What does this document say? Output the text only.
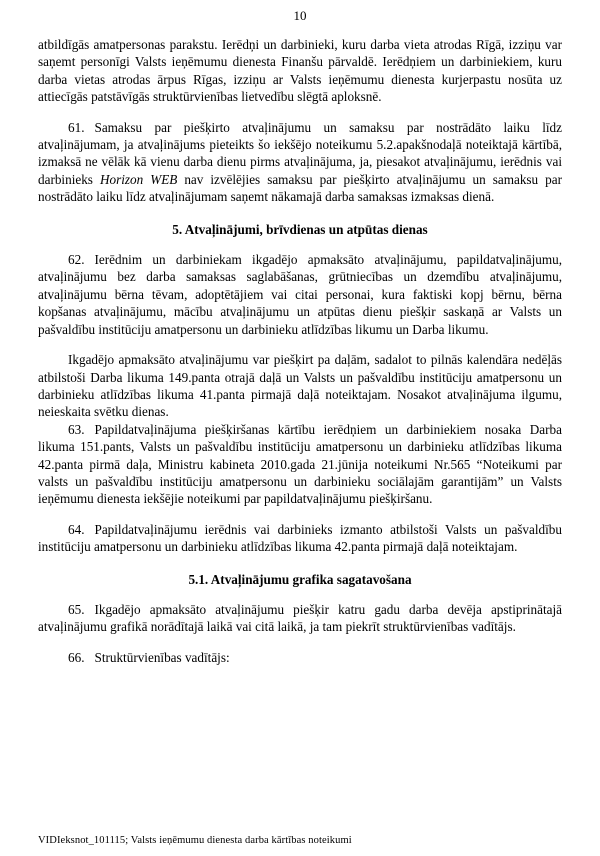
10

atbildīgās amatpersonas parakstu. Ierēdņi un darbinieki, kuru darba vieta atrodas Rīgā, izziņu var saņemt personīgi Valsts ieņēmumu dienesta Finanšu pārvaldē. Ierēdņiem un darbiniekiem, kuru darba vietas atrodas ārpus Rīgas, izziņu ar Valsts ieņēmumu dienesta kurjerpastu nosūta uz attiecīgās patstāvīgās struktūrvienības lietvedību slēgtā aploksnē.

61. Samaksu par piešķirto atvaļinājumu un samaksu par nostrādāto laiku līdz atvaļinājumam, ja atvaļinājums pieteikts šo iekšējo noteikumu 5.2.apakšnodaļā noteiktajā kārtībā, izmaksā ne vēlāk kā vienu darba dienu pirms atvaļinājuma, ja, piesakot atvaļinājumu, ierēdnis vai darbinieks Horizon WEB nav izvēlējies samaksu par piešķirto atvaļinājumu un samaksu par nostrādāto laiku līdz atvaļinājumam saņemt nākamajā darba samaksas izmaksas dienā.

5. Atvaļinājumi, brīvdienas un atpūtas dienas

62. Ierēdnim un darbiniekam ikgadējo apmaksāto atvaļinājumu, papildatvaļinājumu, atvaļinājumu bez darba samaksas saglabāšanas, grūtniecības un dzemdību atvaļinājumu, atvaļinājumu bērna tēvam, adoptētājiem vai citai personai, kura faktiski kopj bērnu, bērna kopšanas atvaļinājumu, mācību atvaļinājumu un atpūtas dienu piešķir saskaņā ar Valsts un pašvaldību institūciju amatpersonu un darbinieku atlīdzības likumu un Darba likumu.

Ikgadējo apmaksāto atvaļinājumu var piešķirt pa daļām, sadalot to pilnās kalendāra nedēļās atbilstoši Darba likuma 149.panta otrajā daļā un Valsts un pašvaldību institūciju amatpersonu un darbinieku atlīdzības likuma 41.panta pirmajā daļā noteiktajam. Nosakot atvaļinājuma ilgumu, neieskaita svētku dienas.

63. Papildatvaļinājuma piešķiršanas kārtību ierēdņiem un darbiniekiem nosaka Darba likuma 151.pants, Valsts un pašvaldību institūciju amatpersonu un darbinieku atlīdzības likuma 42.panta pirmā daļa, Ministru kabineta 2010.gada 21.jūnija noteikumi Nr.565 “Noteikumi par valsts un pašvaldību institūciju amatpersonu un darbinieku sociālajām garantijām” un Valsts ieņēmumu dienesta iekšējie noteikumi par papildatvaļinājumu piešķiršanu.

64. Papildatvaļinājumu ierēdnis vai darbinieks izmanto atbilstoši Valsts un pašvaldību institūciju amatpersonu un darbinieku atlīdzības likuma 42.panta pirmajā daļā noteiktajam.

5.1. Atvaļinājumu grafika sagatavošana

65. Ikgadējo apmaksāto atvaļinājumu piešķir katru gadu darba devēja apstiprinātajā atvaļinājumu grafikā norādītajā laikā vai citā laikā, ja tam piekrīt struktūrvienības vadītājs.

66. Struktūrvienības vadītājs:

VIDIeksnot_101115; Valsts ieņēmumu dienesta darba kārtības noteikumi
